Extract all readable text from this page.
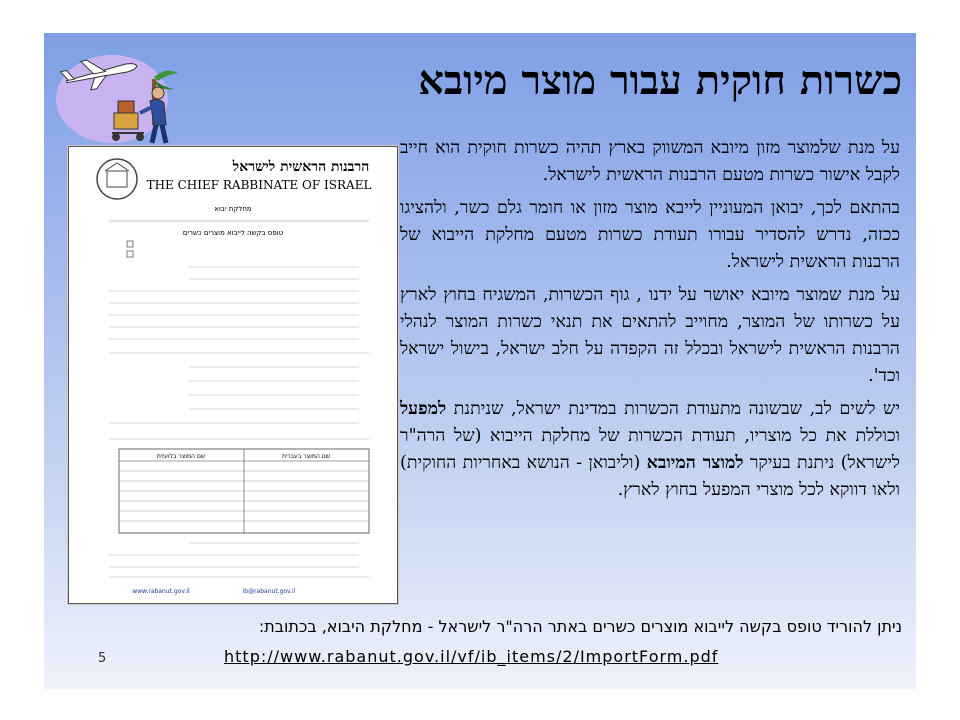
כשרות חוקית עבור מוצר מיובא
הרבנות הראשית לישראל
THE CHIEF RABBINATE OF ISRAEL
מחלקת יבוא
טופס בקשה לייבוא מוצרים כשרים
שם המוצר בעברית
שם המוצר בלועזית
www.rabanut.gov.il	ib@rabanut.gov.il

על מנת שלמוצר מזון מיובא המשווק בארץ תהיה כשרות חוקית הוא חייב לקבל אישור כשרות מטעם הרבנות הראשית לישראל.

בהתאם לכך, יבואן המעוניין לייבא מוצר מזון או חומר גלם כשר, ולהציגו ככזה, נדרש להסדיר עבורו תעודת כשרות מטעם מחלקת הייבוא של הרבנות הראשית לישראל.

על מנת שמוצר מיובא יאושר על ידנו , גוף הכשרות, המשגיח בחוץ לארץ על כשרותו של המוצר, מחוייב להתאים את תנאי כשרות המוצר לנהלי הרבנות הראשית לישראל ובכלל זה הקפדה על חלב ישראל, בישול ישראל וכד'.

יש לשים לב, שבשונה מתעודת הכשרות במדינת ישראל, שניתנת למפעל וכוללת את כל מוצריו, תעודת הכשרות של מחלקת הייבוא (של הרה"ר לישראל) ניתנת בעיקר למוצר המיובא (וליבואן - הנושא באחריות החוקית) ולאו דווקא לכל מוצרי המפעל בחוץ לארץ.

ניתן להוריד טופס בקשה לייבוא מוצרים כשרים באתר הרה"ר לישראל - מחלקת היבוא, בכתובת:
http://www.rabanut.gov.il/vf/ib_items/2/ImportForm.pdf
5
